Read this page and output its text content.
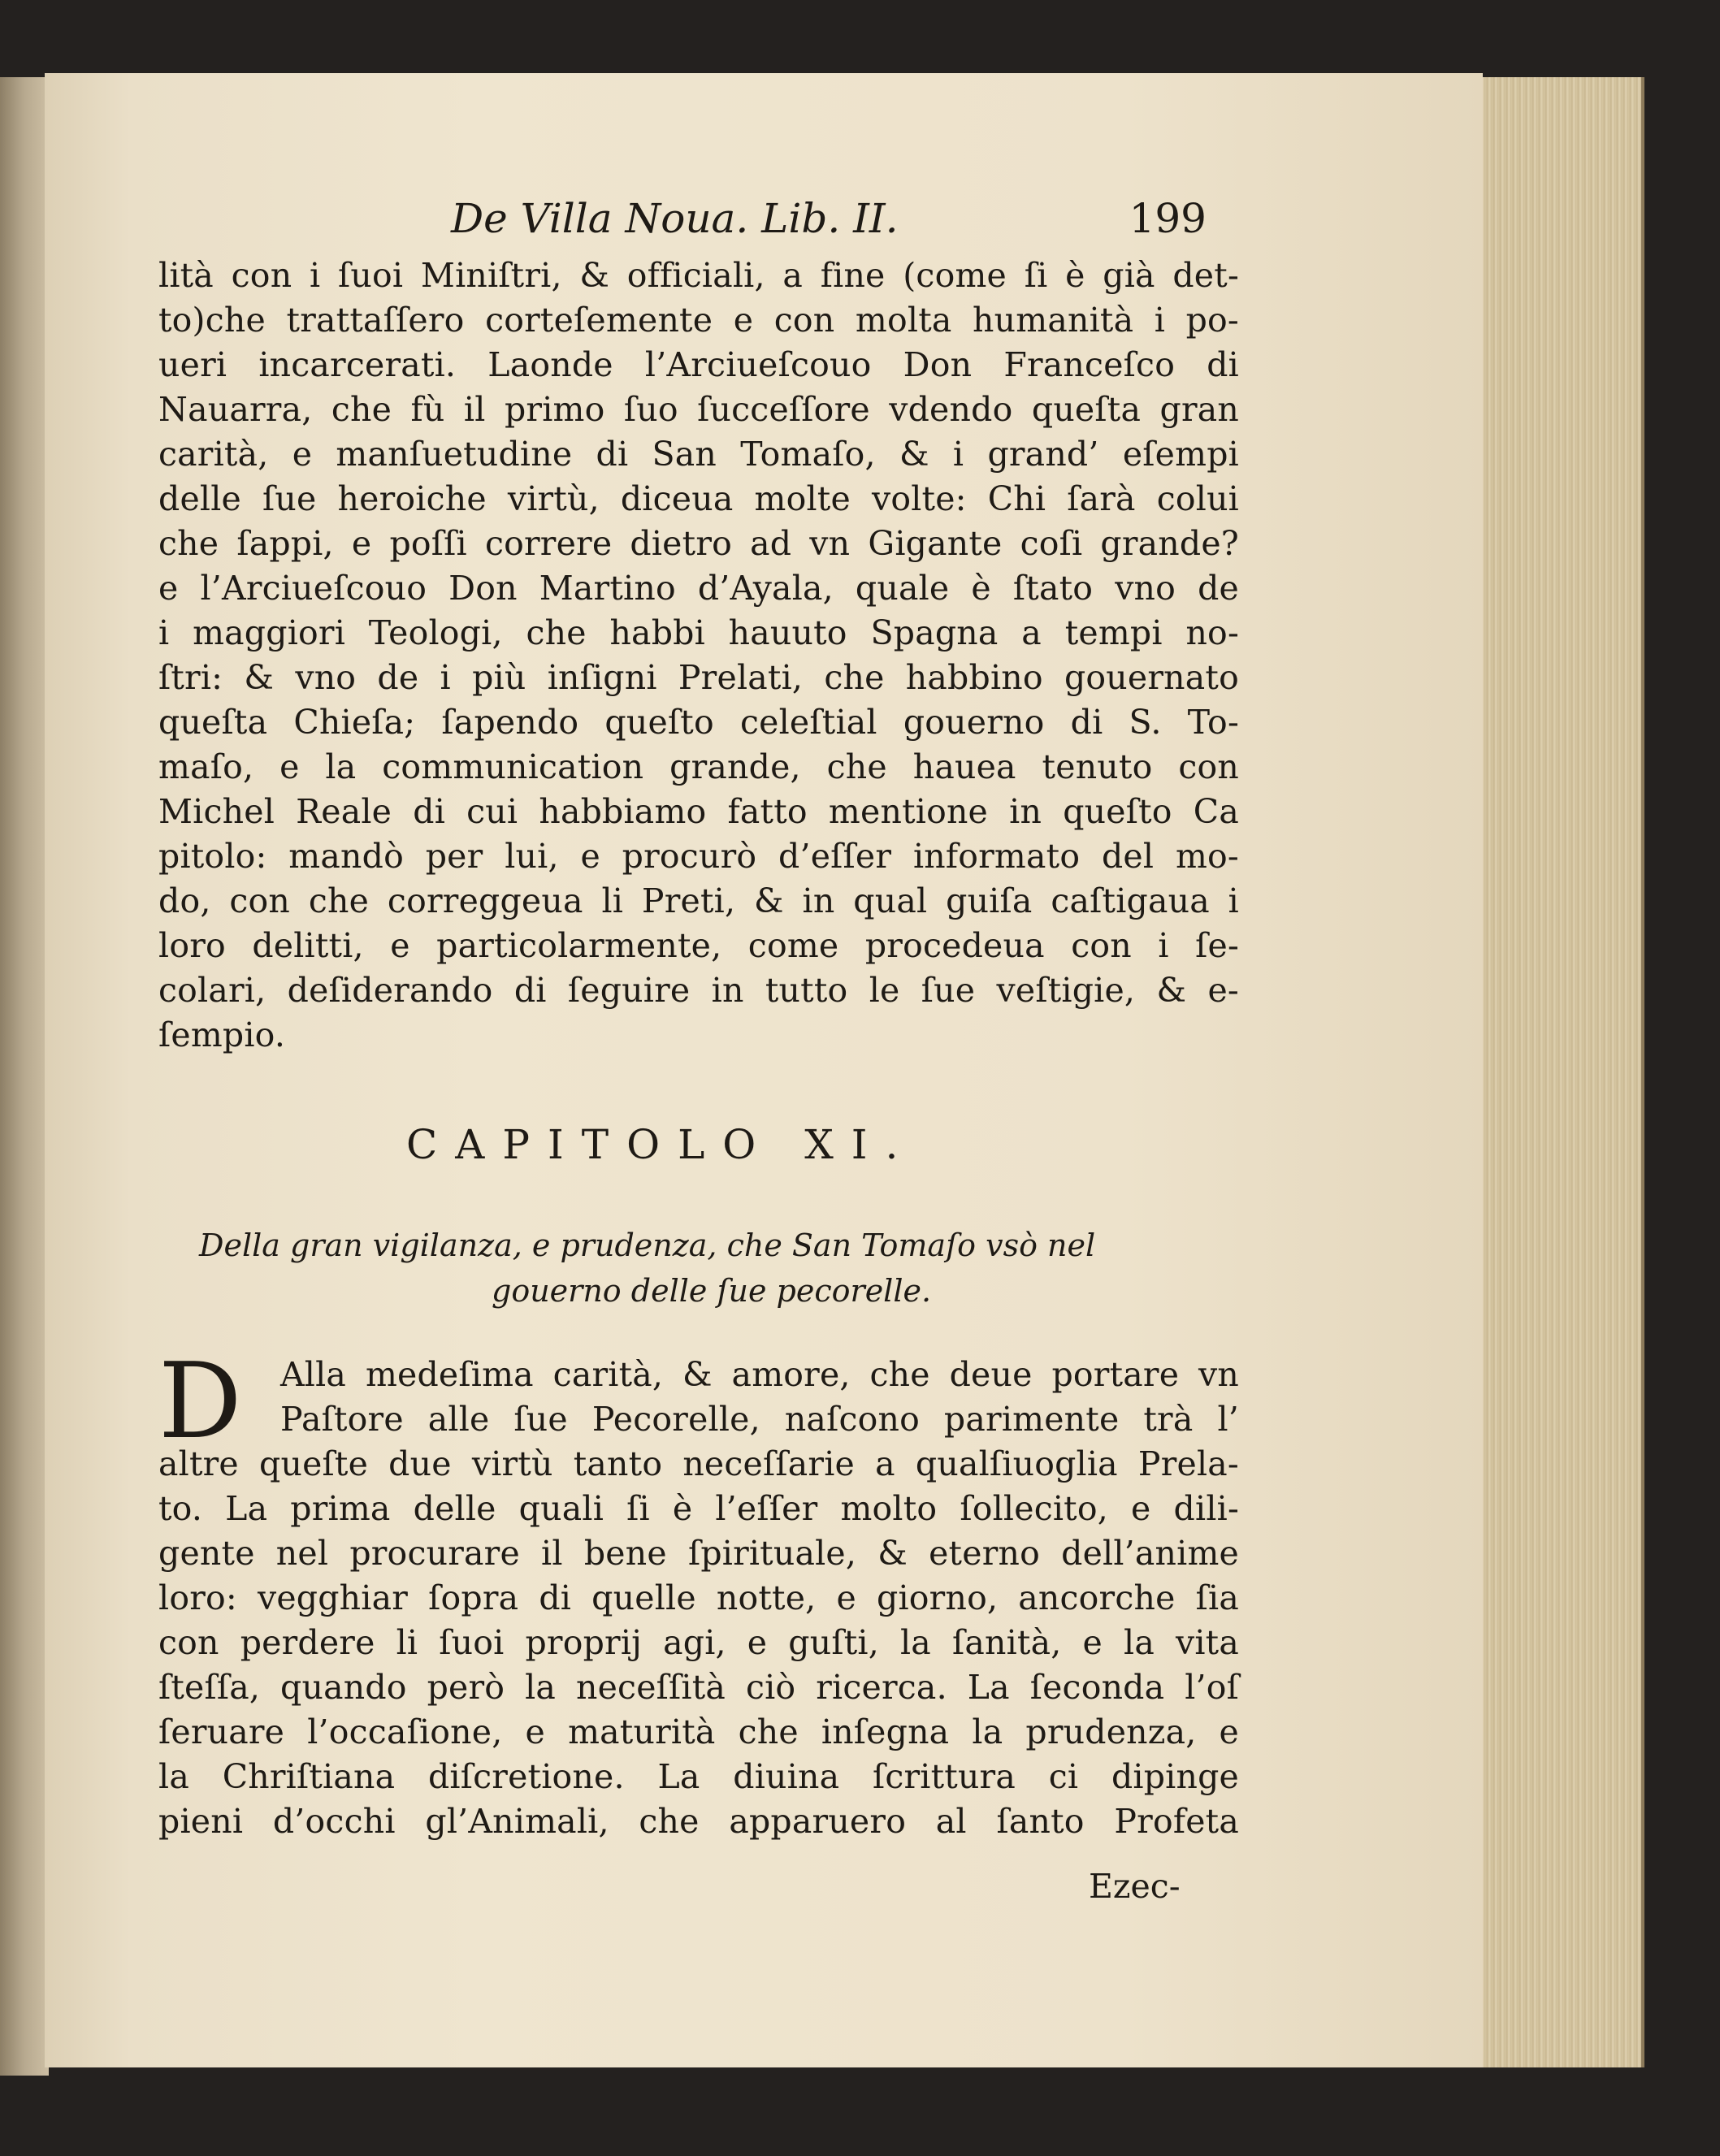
De Villa Noua. Lib. II.	199
lità con i ſuoi Miniſtri, & officiali, a fine (come ſi è già det-
to)che trattaſſero corteſemente e con molta humanità i po-
ueri incarcerati. Laonde l’Arciueſcouo Don Franceſco di
Nauarra, che fù il primo ſuo ſucceſſore vdendo queſta gran
carità, e manſuetudine di San Tomaſo, & i grand’ eſempi
delle ſue heroiche virtù, diceua molte volte: Chi ſarà colui
che ſappi, e poſſi correre dietro ad vn Gigante coſi grande?
e l’Arciueſcouo Don Martino d’Ayala, quale è ſtato vno de
i maggiori Teologi, che habbi hauuto Spagna a tempi no-
ſtri: & vno de i più inſigni Prelati, che habbino gouernato
queſta Chieſa; ſapendo queſto celeſtial gouerno di S. To-
maſo, e la communication grande, che hauea tenuto con
Michel Reale di cui habbiamo fatto mentione in queſto Ca
pitolo: mandò per lui, e procurò d’eſſer informato del mo-
do, con che correggeua li Preti, & in qual guiſa caſtigaua i
loro delitti, e particolarmente, come procedeua con i ſe-
colari, deſiderando di ſeguire in tutto le ſue veſtigie, & e-
ſempio.
CAPITOLO XI.
Della gran vigilanza, e prudenza, che San Tomaſo vsò nel
gouerno delle ſue pecorelle.
D	Alla medeſima carità, & amore, che deue portare vn
Paſtore alle ſue Pecorelle, naſcono parimente trà l’
altre queſte due virtù tanto neceſſarie a qualſiuoglia Prela-
to. La prima delle quali ſi è l’eſſer molto ſollecito, e dili-
gente nel procurare il bene ſpirituale, & eterno dell’anime
loro: vegghiar ſopra di quelle notte, e giorno, ancorche ſia
con perdere li ſuoi proprij agi, e guſti, la ſanità, e la vita
ſteſſa, quando però la neceſſità ciò ricerca. La ſeconda l’oſ
ſeruare l’occaſione, e maturità che inſegna la prudenza, e
la Chriſtiana diſcretione. La diuina ſcrittura ci dipinge
pieni d’occhi gl’Animali, che apparuero al ſanto Profeta
Ezec-
